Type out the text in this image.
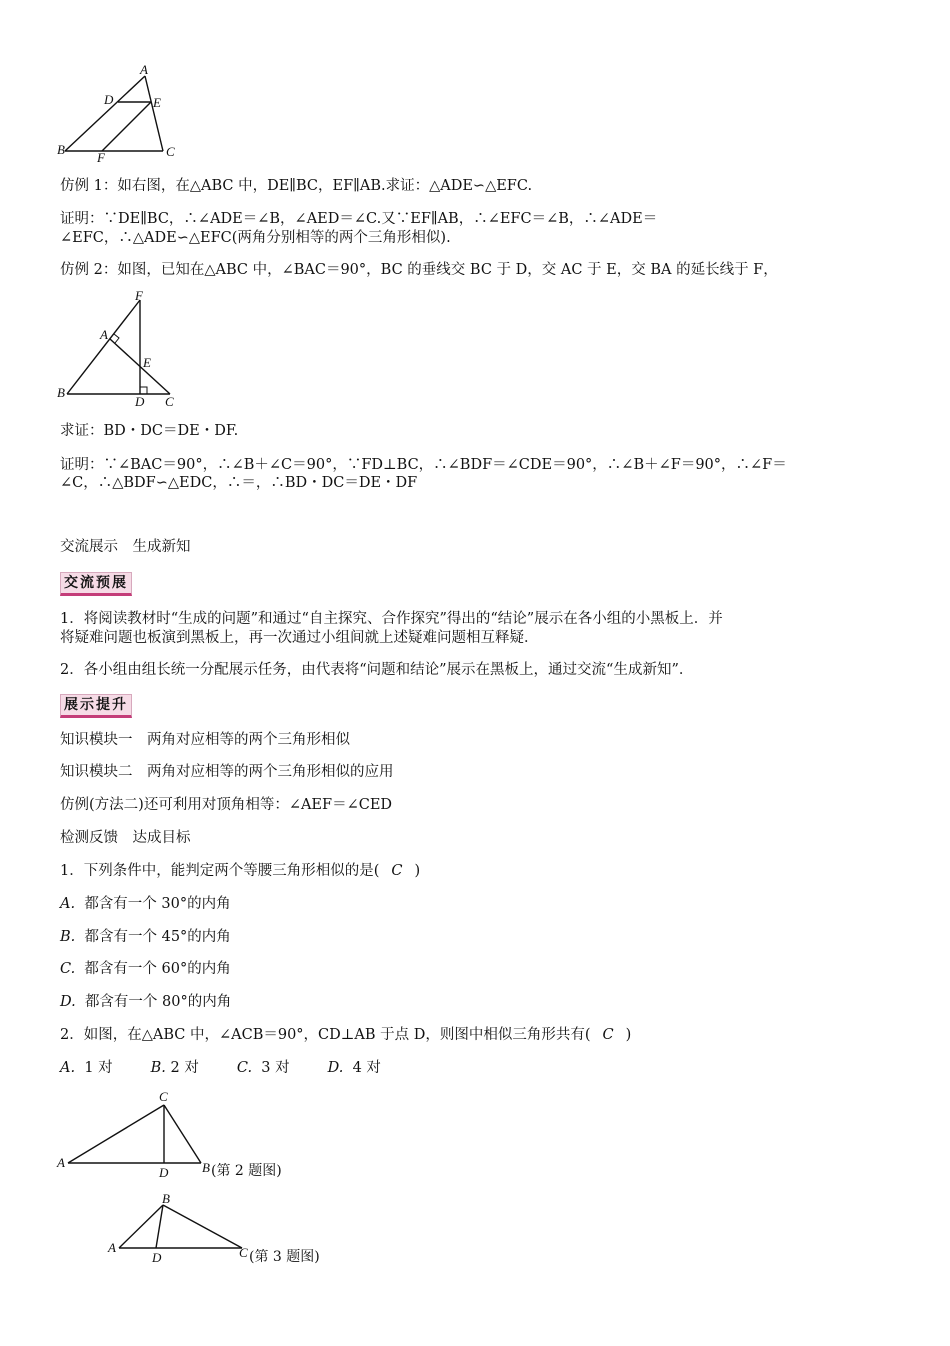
A
D	E
B
F	C
仿例 1：如右图，在△ABC 中，DE∥BC，EF∥AB.求证：△ADE∽△EFC.
证明：∵DE∥BC，∴∠ADE＝∠B，∠AED＝∠C.又∵EF∥AB，∴∠EFC＝∠B，∴∠ADE＝
∠EFC，∴△ADE∽△EFC(两角分别相等的两个三角形相似).
仿例 2：如图，已知在△ABC 中，∠BAC＝90°，BC 的垂线交 BC 于 D，交 AC 于 E，交 BA 的延长线于 F，
F
A
E
B
D C
求证：BD・DC＝DE・DF.
证明：∵∠BAC＝90°，∴∠B＋∠C＝90°，∵FD⊥BC，∴∠BDF＝∠CDE＝90°，∴∠B＋∠F＝90°，∴∠F＝
∠C，∴△BDF∽△EDC，∴＝，∴BD・DC＝DE・DF
交流展示　生成新知
交流预展
1．将阅读教材时“生成的问题”和通过“自主探究、合作探究”得出的“结论”展示在各小组的小黑板上．并
将疑难问题也板演到黑板上，再一次通过小组间就上述疑难问题相互释疑．
2．各小组由组长统一分配展示任务，由代表将“问题和结论”展示在黑板上，通过交流“生成新知”．
展示提升
知识模块一　两角对应相等的两个三角形相似
知识模块二　两角对应相等的两个三角形相似的应用
仿例(方法二)还可利用对顶角相等：∠AEF＝∠CED
检测反馈　达成目标
1．下列条件中，能判定两个等腰三角形相似的是( C )
A. 都含有一个 30°的内角
B. 都含有一个 45°的内角
C. 都含有一个 60°的内角
D. 都含有一个 80°的内角
2．如图，在△ABC 中，∠ACB＝90°，CD⊥AB 于点 D，则图中相似三角形共有( C )
A. 1 对	B. 2 对	C. 3 对	D. 4 对
C
A
D	B (第 2 题图)
B
A
D	C (第 3 题图)
